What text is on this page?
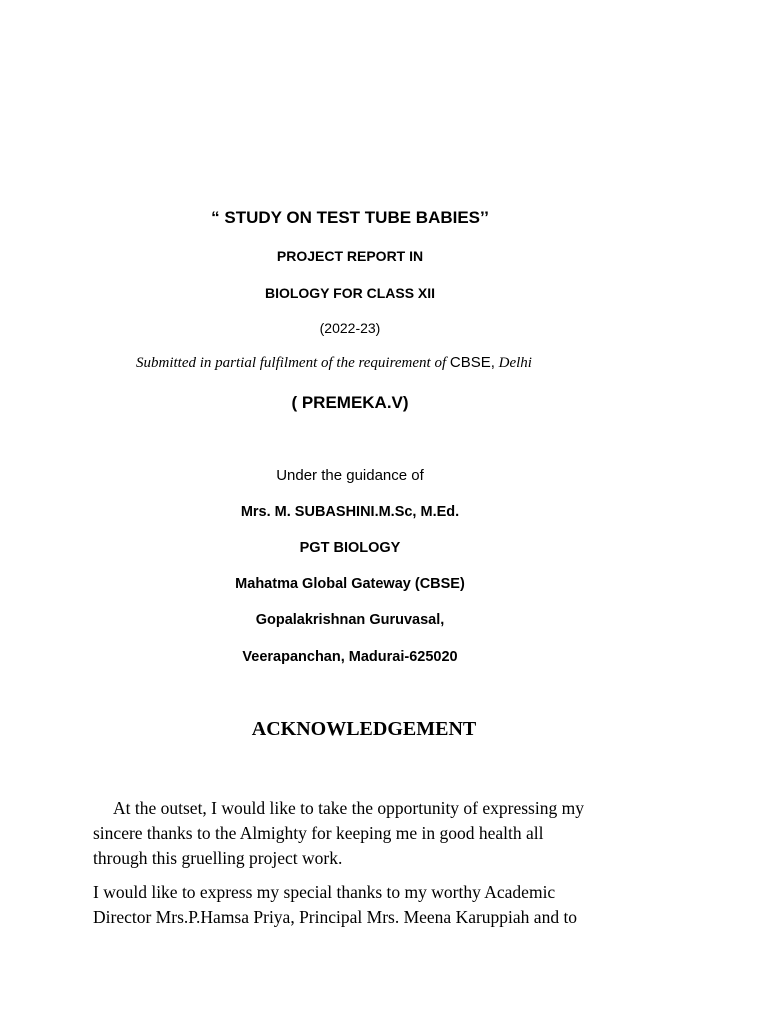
“ STUDY ON TEST TUBE BABIES’’
PROJECT REPORT IN
BIOLOGY FOR CLASS XII
(2022-23)
Submitted in partial fulfilment of the requirement of CBSE, Delhi
( PREMEKA.V)
Under the guidance of
Mrs. M. SUBASHINI.M.Sc, M.Ed.
PGT BIOLOGY
Mahatma Global Gateway (CBSE)
Gopalakrishnan Guruvasal,
Veerapanchan, Madurai-625020
ACKNOWLEDGEMENT
At the outset, I would like to take the opportunity of expressing my
sincere thanks to the Almighty for keeping me in good health all
through this gruelling project work.
I would like to express my special thanks to my worthy Academic
Director Mrs.P.Hamsa Priya, Principal Mrs. Meena Karuppiah and to
